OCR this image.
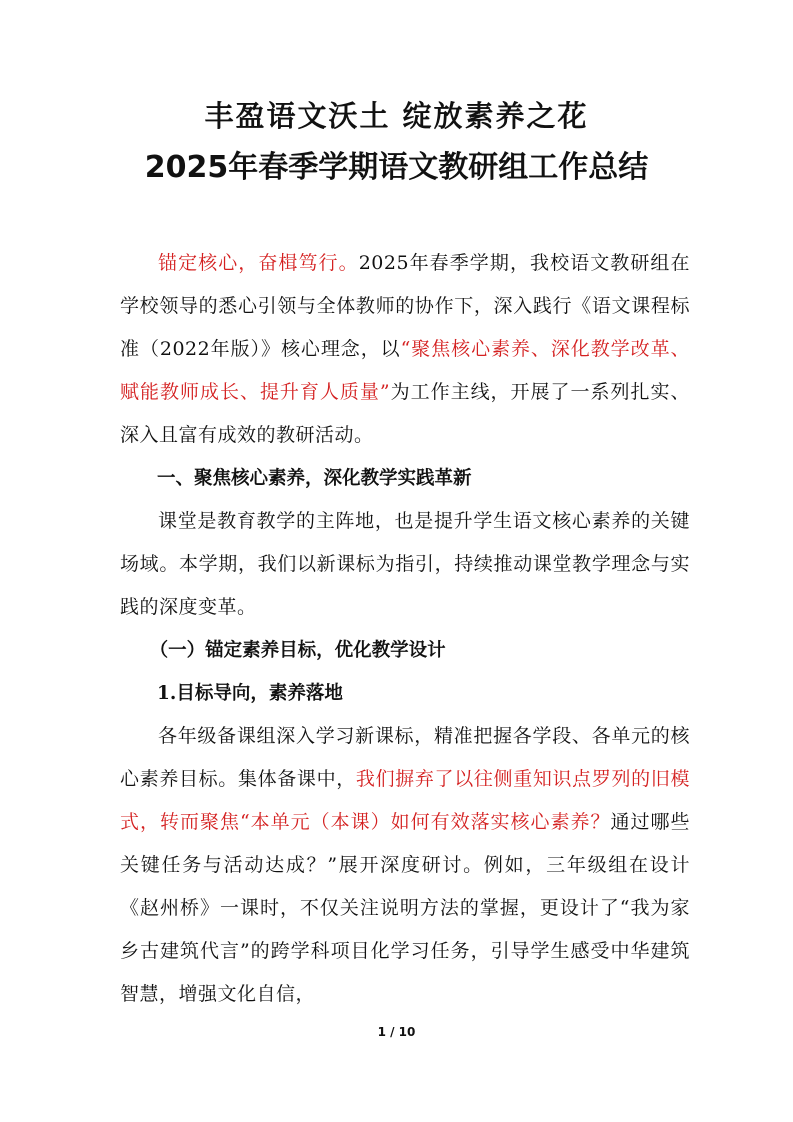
丰盈语文沃土 绽放素养之花
2025年春季学期语文教研组工作总结

锚定核心，奋楫笃行。2025年春季学期，我校语文教研组在学校领导的悉心引领与全体教师的协作下，深入践行《语文课程标准（2022年版）》核心理念，以“聚焦核心素养、深化教学改革、赋能教师成长、提升育人质量”为工作主线，开展了一系列扎实、深入且富有成效的教研活动。

一、聚焦核心素养，深化教学实践革新

课堂是教育教学的主阵地，也是提升学生语文核心素养的关键场域。本学期，我们以新课标为指引，持续推动课堂教学理念与实践的深度变革。

（一）锚定素养目标，优化教学设计

1.目标导向，素养落地

各年级备课组深入学习新课标，精准把握各学段、各单元的核心素养目标。集体备课中，我们摒弃了以往侧重知识点罗列的旧模式，转而聚焦“本单元（本课）如何有效落实核心素养？通过哪些关键任务与活动达成？”展开深度研讨。例如，三年级组在设计《赵州桥》一课时，不仅关注说明方法的掌握，更设计了“我为家乡古建筑代言”的跨学科项目化学习任务，引导学生感受中华建筑智慧，增强文化自信，

1 / 10
